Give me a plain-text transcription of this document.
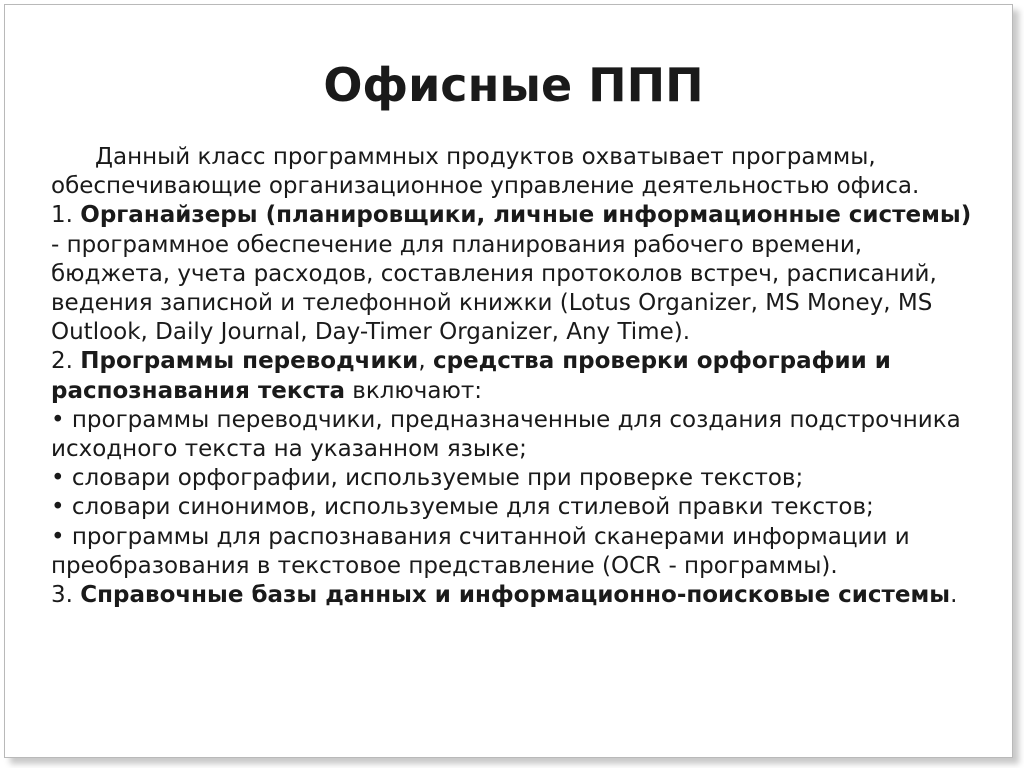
Офисные ППП

Данный класс программных продуктов охватывает программы, обеспечивающие организационное управление деятельностью офиса.

1. Органайзеры (планировщики, личные информационные системы) - программное обеспечение для планирования рабочего времени, бюджета, учета расходов, составления протоколов встреч, расписаний, ведения записной и телефонной книжки (Lotus Organizer, MS Money, MS Outlook, Daily Journal, Day-Timer Organizer, Any Time).

2. Программы переводчики, средства проверки орфографии и распознавания текста включают:

• программы переводчики, предназначенные для создания подстрочника исходного текста на указанном языке;

• словари орфографии, используемые при проверке текстов;

• словари синонимов, используемые для стилевой правки текстов;

• программы для распознавания считанной сканерами информации и преобразования в текстовое представление (OCR - программы).

3. Справочные базы данных и информационно-поисковые системы.
